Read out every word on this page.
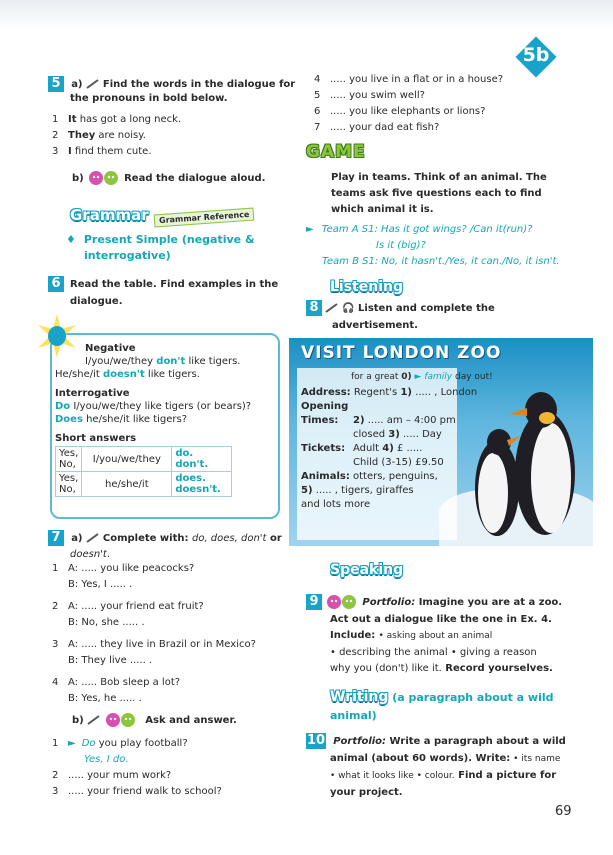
5b
5 a) Find the words in the dialogue for
the pronouns in bold below.
1 It has got a long neck.
2 They are noisy.
3 I find them cute.
b)	Read the dialogue aloud.
Grammar Grammar Reference
♦ Present Simple (negative &
interrogative)
6 Read the table. Find examples in the
dialogue.
Negative
I/you/we/they don't like tigers.
He/she/it doesn't like tigers.
Interrogative
Do I/you/we/they like tigers (or bears)?
Does he/she/it like tigers?
Short answers
Yes,
No,	I/you/we/they	do.
don't.
Yes,
No,	he/she/it	does.
doesn't.
7 a) Complete with: do, does, don't or
doesn't.
1 A: ..... you like peacocks?
B: Yes, I ..... .
2 A: ..... your friend eat fruit?
B: No, she ..... .
3 A: ..... they live in Brazil or in Mexico?
B: They live ..... .
4 A: ..... Bob sleep a lot?
B: Yes, he ..... .
b)	Ask and answer.
1 ► Do you play football?
Yes, I do.
2 ..... your mum work?
3 ..... your friend walk to school?
4 ..... you live in a flat or in a house?
5 ..... you swim well?
6 ..... you like elephants or lions?
7 ..... your dad eat fish?
GAME
Play in teams. Think of an animal. The
teams ask five questions each to find
which animal it is.
► Team A S1: Has it got wings? /Can it(run)?
Is it (big)?
Team B S1: No, it hasn't./Yes, it can./No, it isn't.
Listening
8 🎧 Listen and complete the
advertisement.
VISIT LONDON ZOO
for a great 0) ► family day out!
Address: Regent's 1) ..... , London
Opening
Times: 2) ..... am – 4:00 pm
closed 3) ..... Day
Tickets: Adult 4) £ .....
Child (3-15) £9.50
Animals: otters, penguins,
5) ..... , tigers, giraffes
and lots more
Speaking
9	Portfolio: Imagine you are at a zoo.
Act out a dialogue like the one in Ex. 4.
Include: • asking about an animal
• describing the animal • giving a reason
why you (don't) like it. Record yourselves.
Writing (a paragraph about a wild
animal)
10 Portfolio: Write a paragraph about a wild
animal (about 60 words). Write: • its name
• what it looks like • colour. Find a picture for
your project.
69
